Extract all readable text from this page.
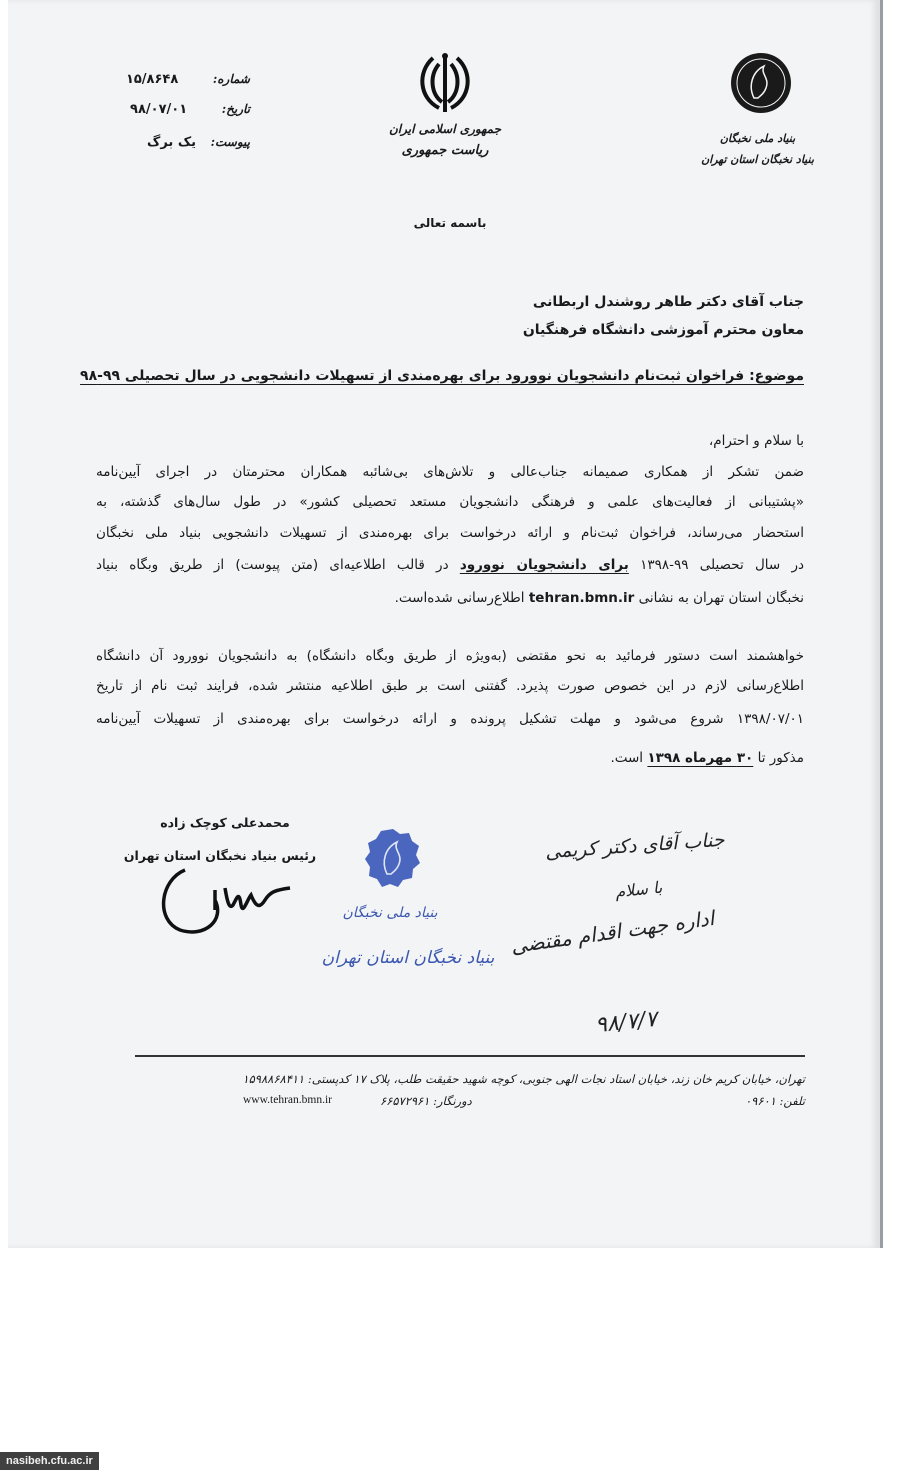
شماره: ۱۵/۸۶۴۸
تاریخ: ۹۸/۰۷/۰۱
پیوست: یک برگ
جمهوری اسلامی ایران
ریاست جمهوری
باسمه تعالی
بنیاد ملی نخبگان
بنیاد نخبگان استان تهران
جناب آقای دکتر طاهر روشندل اربطانی
معاون محترم آموزشی دانشگاه فرهنگیان
موضوع: فراخوان ثبت‌نام دانشجویان نوورود برای بهره‌مندی از تسهیلات دانشجویی در سال تحصیلی ۹۹-۹۸
با سلام و احترام،
ضمن تشکر از همکاری صمیمانه جناب‌عالی و تلاش‌های بی‌شائبه همکاران محترمتان در اجرای آیین‌نامه
«پشتیبانی از فعالیت‌های علمی و فرهنگی دانشجویان مستعد تحصیلی کشور» در طول سال‌های گذشته، به
استحضار می‌رساند، فراخوان ثبت‌نام و ارائه درخواست برای بهره‌مندی از تسهیلات دانشجویی بنیاد ملی نخبگان
در سال تحصیلی ۹۹-۱۳۹۸ برای دانشجویان نوورود در قالب اطلاعیه‌ای (متن پیوست) از طریق وبگاه بنیاد
نخبگان استان تهران به نشانی tehran.bmn.ir اطلاع‌رسانی شده‌است.
خواهشمند است دستور فرمائید به نحو مقتضی (به‌ویژه از طریق وبگاه دانشگاه) به دانشجویان نوورود آن دانشگاه
اطلاع‌رسانی لازم در این خصوص صورت پذیرد. گفتنی است بر طبق اطلاعیه منتشر شده، فرایند ثبت نام از تاریخ
۱۳۹۸/۰۷/۰۱ شروع می‌شود و مهلت تشکیل پرونده و ارائه درخواست برای بهره‌مندی از تسهیلات آیین‌نامه
مذکور تا ۳۰ مهرماه ۱۳۹۸ است.
محمدعلی کوچک زاده
رئیس بنیاد نخبگان استان تهران
بنیاد ملی نخبگان
بنیاد نخبگان استان تهران
جناب آقای دکتر کریمی
با سلام
اداره جهت اقدام مقتضی
۹۸/۷/۷
تهران، خیابان کریم خان زند، خیابان استاد نجات الهی جنوبی، کوچه شهید حقیقت طلب، پلاک ۱۷ کدپستی: ۱۵۹۸۸۶۸۴۱۱
تلفن: ۰۹۶۰۱
دورنگار: ۶۶۵۷۲۹۶۱
www.tehran.bmn.ir
nasibeh.cfu.ac.ir
